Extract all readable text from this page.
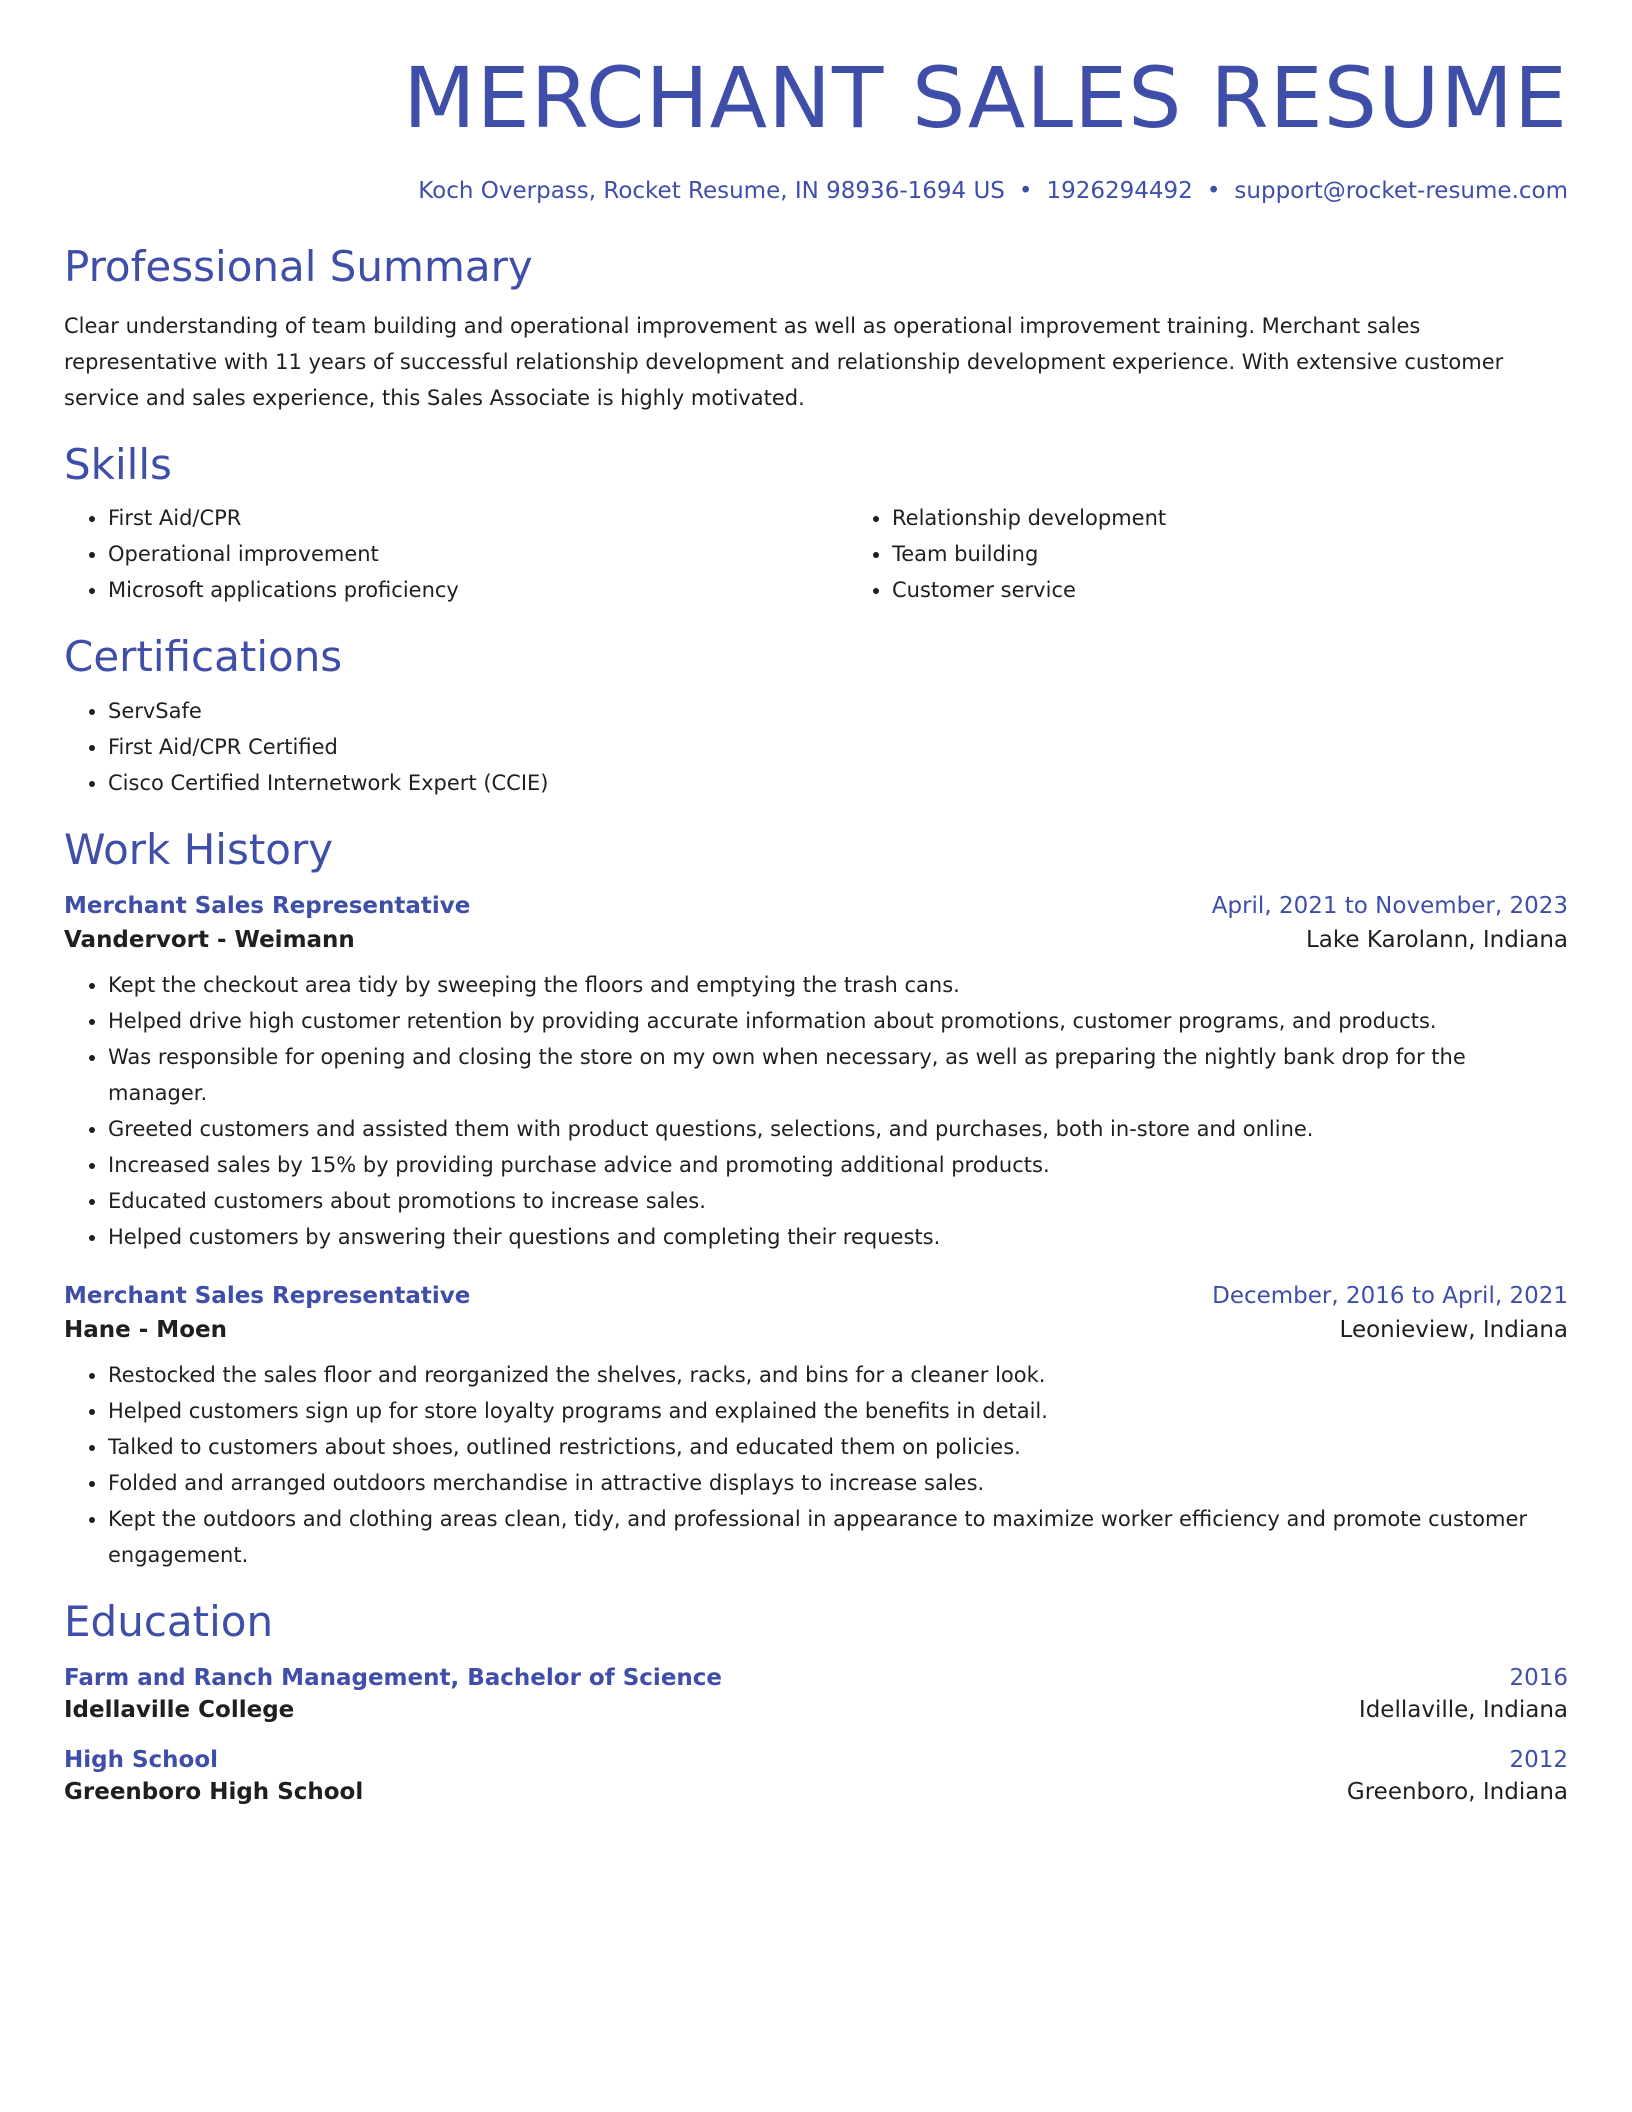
MERCHANT SALES RESUME
Koch Overpass, Rocket Resume, IN 98936-1694 US • 1926294492 • support@rocket-resume.com
Professional Summary
Clear understanding of team building and operational improvement as well as operational improvement training. Merchant sales representative with 11 years of successful relationship development and relationship development experience. With extensive customer service and sales experience, this Sales Associate is highly motivated.
Skills
• First Aid/CPR
• Operational improvement
• Microsoft applications proficiency
• Relationship development
• Team building
• Customer service
Certifications
• ServSafe
• First Aid/CPR Certified
• Cisco Certified Internetwork Expert (CCIE)
Work History
Merchant Sales Representative	April, 2021 to November, 2023
Vandervort - Weimann	Lake Karolann, Indiana
• Kept the checkout area tidy by sweeping the floors and emptying the trash cans.
• Helped drive high customer retention by providing accurate information about promotions, customer programs, and products.
• Was responsible for opening and closing the store on my own when necessary, as well as preparing the nightly bank drop for the manager.
• Greeted customers and assisted them with product questions, selections, and purchases, both in-store and online.
• Increased sales by 15% by providing purchase advice and promoting additional products.
• Educated customers about promotions to increase sales.
• Helped customers by answering their questions and completing their requests.
Merchant Sales Representative	December, 2016 to April, 2021
Hane - Moen	Leonieview, Indiana
• Restocked the sales floor and reorganized the shelves, racks, and bins for a cleaner look.
• Helped customers sign up for store loyalty programs and explained the benefits in detail.
• Talked to customers about shoes, outlined restrictions, and educated them on policies.
• Folded and arranged outdoors merchandise in attractive displays to increase sales.
• Kept the outdoors and clothing areas clean, tidy, and professional in appearance to maximize worker efficiency and promote customer engagement.
Education
Farm and Ranch Management, Bachelor of Science	2016
Idellaville College	Idellaville, Indiana
High School	2012
Greenboro High School	Greenboro, Indiana
